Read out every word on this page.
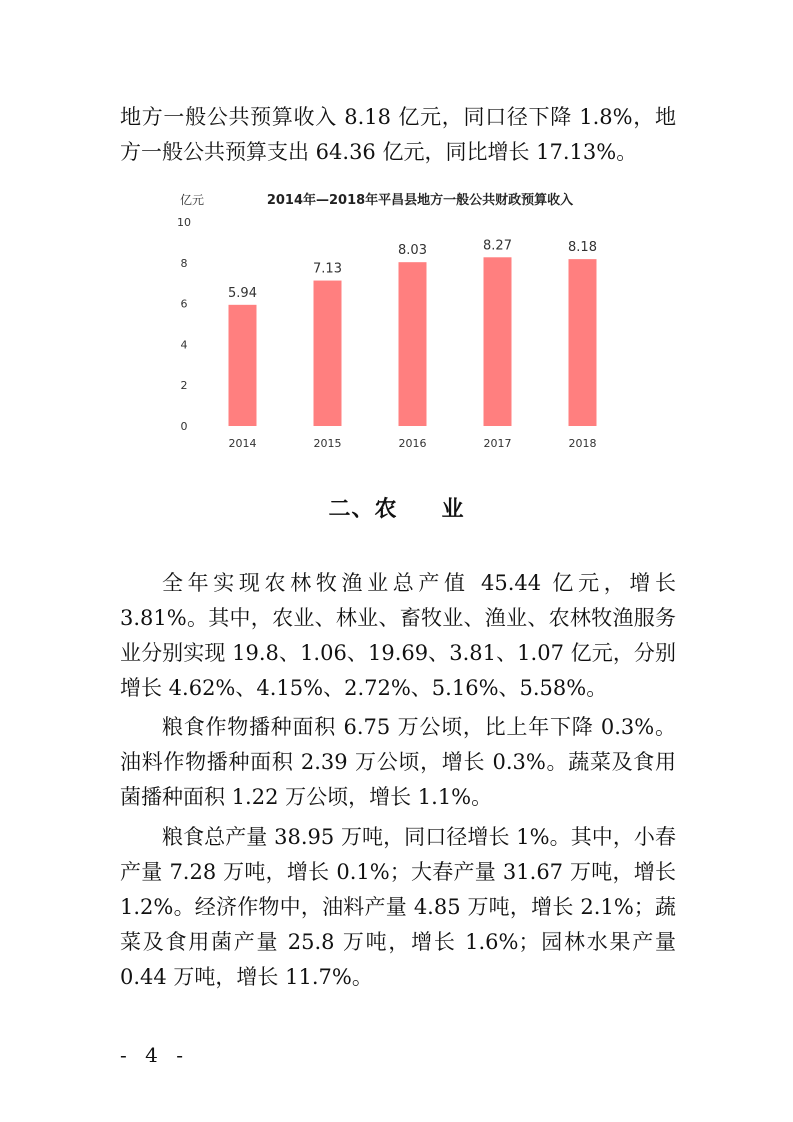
地方一般公共预算收入 8.18 亿元，同口径下降 1.8%，地方一般公共预算支出 64.36 亿元，同比增长 17.13%。

亿元	2014年—2018年平昌县地方一般公共财政预算收入
0
2
4
6
8
10
5.94
2014
7.13
2015
8.03
2016
8.27
2017
8.18
2018
二、农 业

全年实现农林牧渔业总产值 45.44 亿元，增长 3.81%。其中，农业、林业、畜牧业、渔业、农林牧渔服务业分别实现 19.8、1.06、19.69、3.81、1.07 亿元，分别增长 4.62%、4.15%、2.72%、5.16%、5.58%。

粮食作物播种面积 6.75 万公顷，比上年下降 0.3%。油料作物播种面积 2.39 万公顷，增长 0.3%。蔬菜及食用菌播种面积 1.22 万公顷，增长 1.1%。

粮食总产量 38.95 万吨，同口径增长 1%。其中，小春产量 7.28 万吨，增长 0.1%；大春产量 31.67 万吨，增长 1.2%。经济作物中，油料产量 4.85 万吨，增长 2.1%；蔬菜及食用菌产量 25.8 万吨，增长 1.6%；园林水果产量 0.44 万吨，增长 11.7%。

- 4 -
